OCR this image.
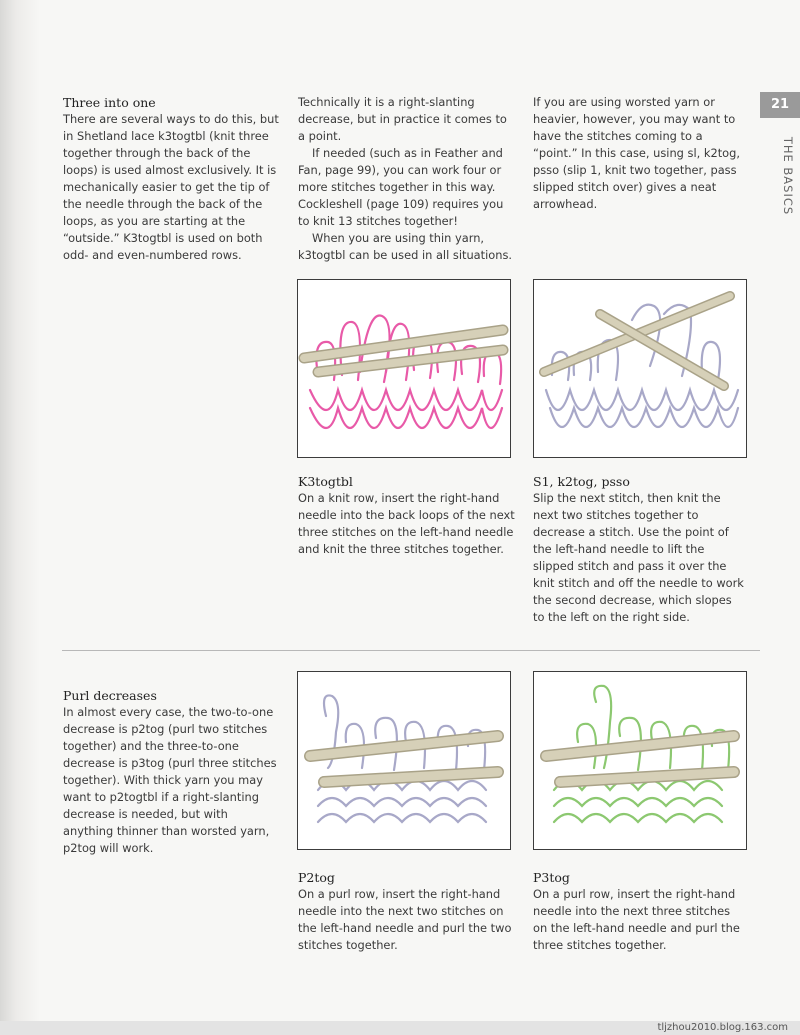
Three into one
There are several ways to do this, but in Shetland lace k3togtbl (knit three together through the back of the loops) is used almost exclusively. It is mechanically easier to get the tip of the needle through the back of the loops, as you are starting at the “outside.” K3togtbl is used on both odd- and even-numbered rows.
Technically it is a right-slanting decrease, but in practice it comes to a point.
If needed (such as in Feather and Fan, page 99), you can work four or more stitches together in this way. Cockleshell (page 109) requires you to knit 13 stitches together!
When you are using thin yarn, k3togtbl can be used in all situations.
If you are using worsted yarn or heavier, however, you may want to have the stitches coming to a “point.” In this case, using sl, k2tog, psso (slip 1, knit two together, pass slipped stitch over) gives a neat arrowhead.
21
THE BASICS
K3togtbl
On a knit row, insert the right-hand needle into the back loops of the next three stitches on the left-hand needle and knit the three stitches together.
S1, k2tog, psso
Slip the next stitch, then knit the next two stitches together to decrease a stitch. Use the point of the left-hand needle to lift the slipped stitch and pass it over the knit stitch and off the needle to work the second decrease, which slopes to the left on the right side.
Purl decreases
In almost every case, the two-to-one decrease is p2tog (purl two stitches together) and the three-to-one decrease is p3tog (purl three stitches together). With thick yarn you may want to p2togtbl if a right-slanting decrease is needed, but with anything thinner than worsted yarn, p2tog will work.
P2tog
On a purl row, insert the right-hand needle into the next two stitches on the left-hand needle and purl the two stitches together.
P3tog
On a purl row, insert the right-hand needle into the next three stitches on the left-hand needle and purl the three stitches together.
tljzhou2010.blog.163.com
